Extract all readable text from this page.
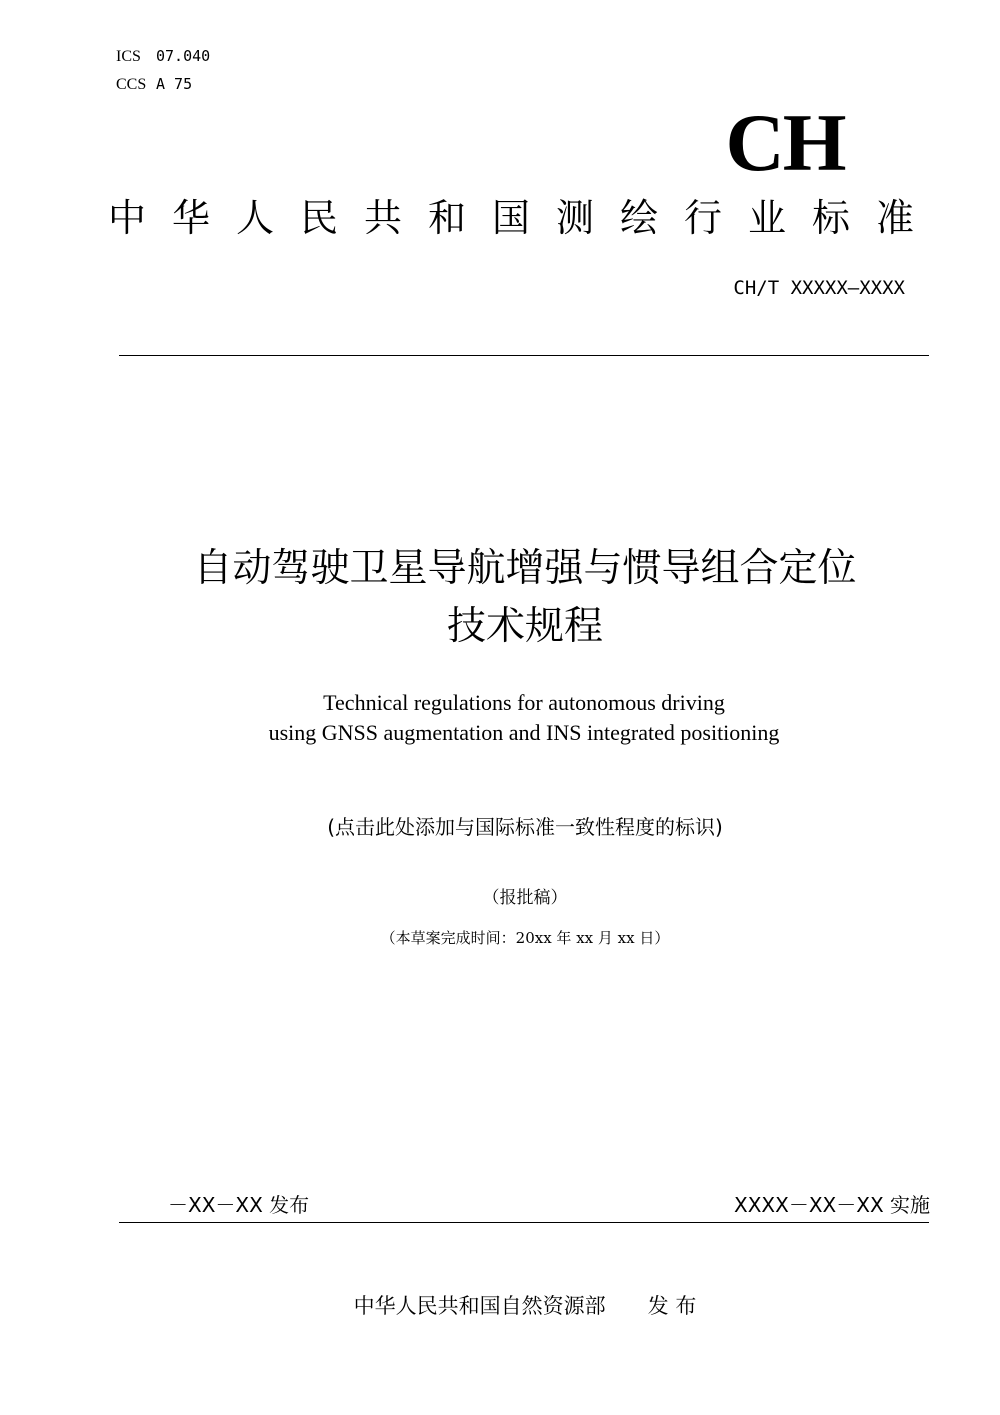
ICS 07.040
CCS A 75
CH
中华人民共和国测绘行业标准
CH/T XXXXX—XXXX
自动驾驶卫星导航增强与惯导组合定位
技术规程
Technical regulations for autonomous driving
using GNSS augmentation and INS integrated positioning
(点击此处添加与国际标准一致性程度的标识)
（报批稿）
（本草案完成时间：20xx 年 xx 月 xx 日）
－XX－XX 发布	XXXX－XX－XX 实施
中华人民共和国自然资源部　　发 布
